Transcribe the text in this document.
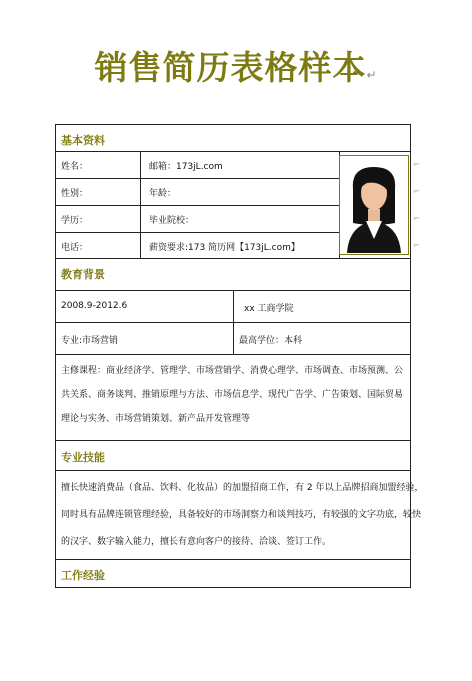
销售简历表格样本↵
基本资料
教育背景
专业技能
工作经验
姓名：	邮箱：173jL.com
性别：	年龄：
学历：	毕业院校：
电话：	薪资要求:173 简历网【173jL.com】
⌐
⌐
⌐
⌐
2008.9-2012.6	xx 工商学院
专业:市场营销	最高学位：本科
主修课程：商业经济学、管理学、市场营销学、消费心理学、市场调查、市场预测、公
共关系、商务谈判、推销原理与方法、市场信息学、现代广告学、广告策划、国际贸易
理论与实务、市场营销策划、新产品开发管理等
擅长快速消费品（食品、饮料、化妆品）的加盟招商工作，有 2 年以上品牌招商加盟经验，
同时具有品牌连锁管理经验，具备较好的市场洞察力和谈判技巧，有较强的文字功底，较快
的汉字、数字输入能力，擅长有意向客户的接待、洽谈、签订工作。
